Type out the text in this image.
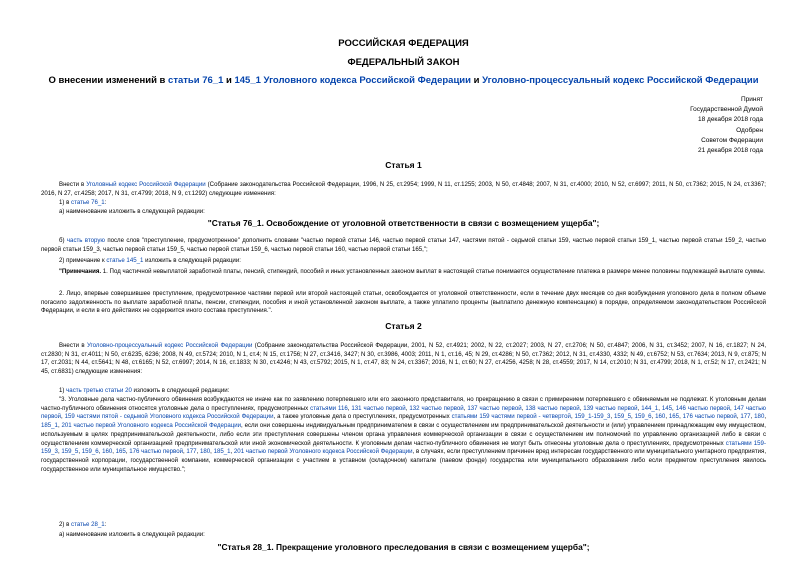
РОССИЙСКАЯ ФЕДЕРАЦИЯ
ФЕДЕРАЛЬНЫЙ ЗАКОН
О внесении изменений в статьи 76_1 и 145_1 Уголовного кодекса Российской Федерации и Уголовно-процессуальный кодекс Российской Федерации
Принят
Государственной Думой
18 декабря 2018 года
Одобрен
Советом Федерации
21 декабря 2018 года
Статья 1
Внести в Уголовный кодекс Российской Федерации (Собрание законодательства Российской Федерации, 1996, N 25, ст.2954; 1999, N 11, ст.1255; 2003, N 50, ст.4848; 2007, N 31, ст.4000; 2010, N 52, ст.6997; 2011, N 50, ст.7362; 2015, N 24, ст.3367; 2016, N 27, ст.4258; 2017, N 31, ст.4799; 2018, N 9, ст.1292) следующие изменения:
1) в статье 76_1:
а) наименование изложить в следующей редакции:
"Статья 76_1. Освобождение от уголовной ответственности в связи с возмещением ущерба";
б) часть вторую после слов "преступление, предусмотренное" дополнить словами "частью первой статьи 146, частью первой статьи 147, частями пятой - седьмой статьи 159, частью первой статьи 159_1, частью первой статьи 159_2, частью первой статьи 159_3, частью первой статьи 159_5, частью первой статьи 159_6, частью первой статьи 160, частью первой статьи 165,";
2) примечание к статье 145_1 изложить в следующей редакции:
"Примечания. 1. Под частичной невыплатой заработной платы, пенсий, стипендий, пособий и иных установленных законом выплат в настоящей статье понимается осуществление платежа в размере менее половины подлежащей выплате суммы.
2. Лицо, впервые совершившее преступление, предусмотренное частями первой или второй настоящей статьи, освобождается от уголовной ответственности, если в течение двух месяцев со дня возбуждения уголовного дела в полном объеме погасило задолженность по выплате заработной платы, пенсии, стипендии, пособия и иной установленной законом выплате, а также уплатило проценты (выплатило денежную компенсацию) в порядке, определяемом законодательством Российской Федерации, и если в его действиях не содержится иного состава преступления.".
Статья 2
Внести в Уголовно-процессуальный кодекс Российской Федерации (Собрание законодательства Российской Федерации, 2001, N 52, ст.4921; 2002, N 22, ст.2027; 2003, N 27, ст.2706; N 50, ст.4847; 2006, N 31, ст.3452; 2007, N 16, ст.1827; N 24, ст.2830; N 31, ст.4011; N 50, ст.6235, 6236; 2008, N 49, ст.5724; 2010, N 1, ст.4; N 15, ст.1756; N 27, ст.3416, 3427; N 30, ст.3986, 4003; 2011, N 1, ст.16, 45; N 29, ст.4286; N 50, ст.7362; 2012, N 31, ст.4330, 4332; N 49, ст.6752; N 53, ст.7634; 2013, N 9, ст.875; N 17, ст.2031; N 44, ст.5641; N 48, ст.6165; N 52, ст.6997; 2014, N 16, ст.1833; N 30, ст.4246; N 43, ст.5792; 2015, N 1, ст.47, 83; N 24, ст.3367; 2016, N 1, ст.60; N 27, ст.4256, 4258; N 28, ст.4559; 2017, N 14, ст.2010; N 31, ст.4799; 2018, N 1, ст.52; N 17, ст.2421; N 45, ст.6831) следующие изменения:
1) часть третью статьи 20 изложить в следующей редакции:
"3. Уголовные дела частно-публичного обвинения возбуждаются не иначе как по заявлению потерпевшего или его законного представителя, но прекращению в связи с примирением потерпевшего с обвиняемым не подлежат. К уголовным делам частно-публичного обвинения относятся уголовные дела о преступлениях, предусмотренных статьями 116, 131 частью первой, 132 частью первой, 137 частью первой, 138 частью первой, 139 частью первой, 144_1, 145, 146 частью первой, 147 частью первой, 159 частями пятой - седьмой Уголовного кодекса Российской Федерации, а также уголовные дела о преступлениях, предусмотренных статьями 159 частями первой - четвертой, 159_1-159_3, 159_5, 159_6, 160, 165, 176 частью первой, 177, 180, 185_1, 201 частью первой Уголовного кодекса Российской Федерации, если они совершены индивидуальным предпринимателем в связи с осуществлением им предпринимательской деятельности и (или) управлением принадлежащим ему имуществом, используемым в целях предпринимательской деятельности, либо если эти преступления совершены членом органа управления коммерческой организации в связи с осуществлением им полномочий по управлению организацией либо в связи с осуществлением коммерческой организацией предпринимательской или иной экономической деятельности. К уголовным делам частно-публичного обвинения не могут быть отнесены уголовные дела о преступлениях, предусмотренных статьями 159-159_3, 159_5, 159_6, 160, 165, 176 частью первой, 177, 180, 185_1, 201 частью первой Уголовного кодекса Российской Федерации, в случаях, если преступлением причинен вред интересам государственного или муниципального унитарного предприятия, государственной корпорации, государственной компании, коммерческой организации с участием в уставном (складочном) капитале (паевом фонде) государства или муниципального образования либо если предметом преступления явилось государственное или муниципальное имущество.";
2) в статье 28_1:
а) наименование изложить в следующей редакции:
"Статья 28_1. Прекращение уголовного преследования в связи с возмещением ущерба";
